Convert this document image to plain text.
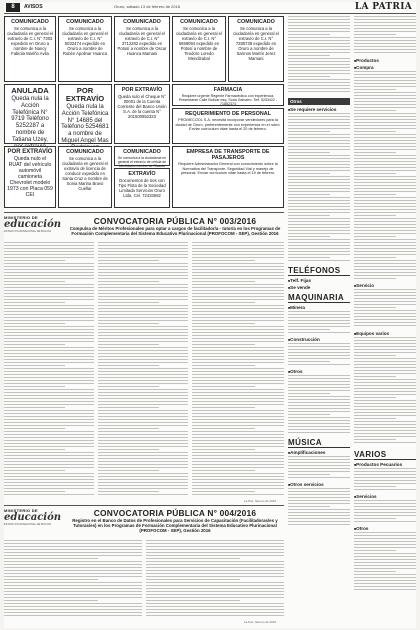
8	AVISOS	Oruro, sábado 13 de febrero de 2016	LA PATRIA
COMUNICADO
Se comunica a la ciudadanía en general el extravío de C.I. N° 7303 expedido en Oruro a nombre de Nancy Fabiola Mariño Avila
COMUNICADO
Se comunica a la ciudadanía en general el extravío de C.I. N° 5032474 expedido en Oruro a nombre de Rubén Apolinar Huanca
COMUNICADO
Se comunica a la ciudadanía en general el extravío de C.I. N° 3712282 expedido en Potosí a nombre de Oscar Huanca Mamani
COMUNICADO
Se comunica a la ciudadanía en general el extravío de C.I. N° 5659094 expedido en Potosí a nombre de Teodoro Loredo Mendizabal
COMUNICADO
Se comunica a la ciudadanía en general el extravío de C.I. N° 7285738 expedido en Oruro a nombre de Sarmos Martín Jerez Mamani
ANULADA
Queda nula la Acción Telefónica N° 9719 Teléfono 5252287 a nombre de Tatiana Uzey,
POR EXTRAVÍO
Queda nula la Acción Telefónica N° 14685 del Teléfono 5254681 a nombre de Miguel Angel Mas
POR EXTRAVÍO
Queda nulo el Cheque N° 00001 de la Cuenta Corriente del Banco Unión S.A. de la cuenta N° 201500652333
FARMACIA
Requiere urgente Regente Farmacéutico con experiencia. Presentarse Calle Bolívar esq. Soria Galvarro. Telf. 5253422 - 71852374
REQUERIMIENTO DE PERSONAL
PROMECOOL S.A. necesita incorporar vendedores para la ciudad de Oruro, preferentemente con experiencia en el rubro. Enviar currículum vitae hasta el 20 de febrero.
POR EXTRAVÍO
Queda nulo el RUAT del vehículo automóvil camioneta Chevrolet modelo 1973 con Placa 059 CEI
COMUNICADO
Se comunica a la ciudadanía en general el extravío de licencia de conducir expedido en Santa Cruz a nombre de Sonia Marina Bravo Cuellar
COMUNICADO
Se comunica a la ciudadanía en general el extravío de cédula de identidad a nombre de Ricardo
EXTRAVÍO
Documentos de tres con Tipo Flota de la Sociedad Limitada Servicios Oruro Ltda. Cel. 72433682
EMPRESA DE TRANSPORTE DE PASAJEROS
Requiere Administrador General con conocimiento sobre la Normativa del Transporte, Seguridad Vial y manejo de personal. Enviar currículum vitae hasta el 19 de febrero.
MINISTERIO DE
educación
ESTADO PLURINACIONAL DE BOLIVIA
CONVOCATORIA PÚBLICA N° 003/2016
Compulsa de Méritos Profesionales para optar a cargos de facilitador/a - tutor/a en los Programas de Formación Complementaria del Sistema Educativo Plurinacional (PROFOCOM - SEP), Gestión 2016
La Paz, febrero de 2016
MINISTERIO DE
educación
ESTADO PLURINACIONAL DE BOLIVIA
CONVOCATORIA PÚBLICA N° 004/2016
Registro en el Banco de Datos de Profesionales para Servicios de Capacitación (Facilitadoras/es y Tutoras/es) en los Programas de Formación Complementaria del Sistema Educativo Plurinacional (PROFOCOM - SEP), Gestión 2016
La Paz, febrero de 2016
Otros
■ Se requiere servicios
TELÉFONOS
■ Telf. Fijas
■ Se vende
MAQUINARIA
■ Minera
■ Construcción
■ Otros
MÚSICA
■ Amplificaciones
■ Otros servicios
■ Productos
■ Compra
■ Servicio
■ Equipos varios
VARIOS
■ Productos Pecuarios
■ Servicios
■ Otros
